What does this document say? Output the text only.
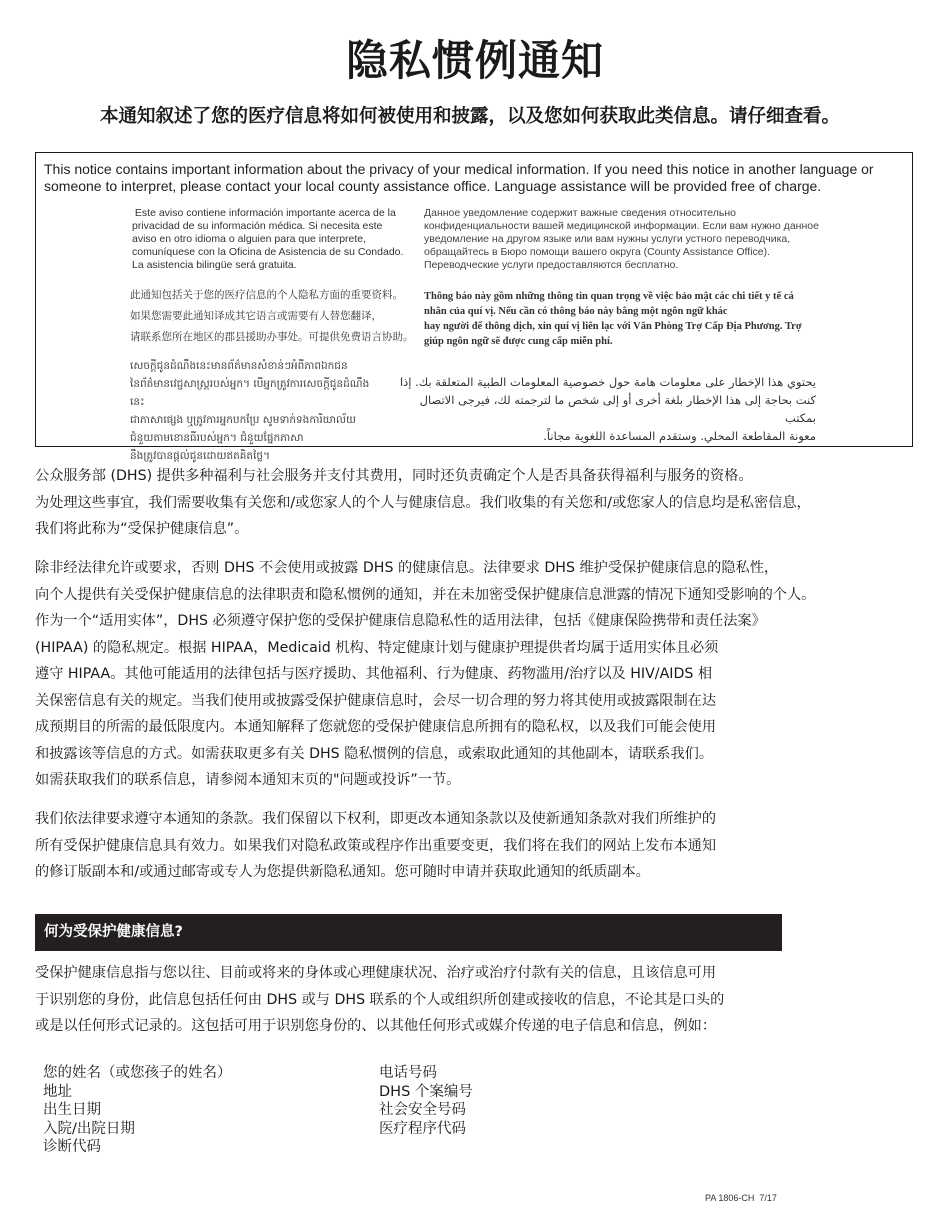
隐私惯例通知
本通知叙述了您的医疗信息将如何被使用和披露，以及您如何获取此类信息。请仔细查看。
This notice contains important information about the privacy of your medical information. If you need this notice in another language or someone to interpret, please contact your local county assistance office. Language assistance will be provided free of charge.
Este aviso contiene información importante acerca de la
privacidad de su información médica. Si necesita este
aviso en otro idioma o alguien para que interprete,
comuníquese con la Oficina de Asistencia de su Condado.
La asistencia bilingüe será gratuita.
Данное уведомление содержит важные сведения относительно
конфиденциальности вашей медицинской информации. Если вам нужно данное
уведомление на другом языке или вам нужны услуги устного переводчика,
обращайтесь в Бюро помощи вашего округа (County Assistance Office).
Переводческие услуги предоставляются бесплатно.
此通知包括关于您的医疗信息的个人隐私方面的重要资料。
如果您需要此通知译成其它语言或需要有人替您翻译，
请联系您所在地区的郡县援助办事处。可提供免费语言协助。
Thông báo này gồm những thông tin quan trọng về việc bảo mật các chi tiết y tế cá
nhân của quí vị. Nếu cần có thông báo này bằng một ngôn ngữ khác
hay người để thông dịch, xin quí vị liên lạc với Văn Phòng Trợ Cấp Địa Phương. Trợ
giúp ngôn ngữ sẽ được cung cấp miễn phí.
សេចក្តីជូនដំណឹងនេះមានព័ត៌មានសំខាន់ៗអំពីភាពឯកជន
នៃព័ត៌មានវេជ្ជសាស្ត្ររបស់អ្នក។ បើអ្នកត្រូវការសេចក្តីជូនដំណឹងនេះ
ជាភាសាផ្សេង ឬត្រូវការអ្នកបកប្រែ សូមទាក់ទងការិយាល័យ
ជំនួយតាមខោនធីរបស់អ្នក។ ជំនួយផ្នែកភាសា
នឹងត្រូវបានផ្តល់ជូនដោយឥតគិតថ្លៃ។
يحتوي هذا الإخطار على معلومات هامة حول خصوصية المعلومات الطبية المتعلقة بك. إذا
كنت بحاجة إلى هذا الإخطار بلغة أخرى أو إلى شخص ما لترجمته لك، فيرجى الاتصال بمكتب
معونة المقاطعة المحلي. وستقدم المساعدة اللغوية مجاناً.
公众服务部 (DHS) 提供多种福利与社会服务并支付其费用，同时还负责确定个人是否具备获得福利与服务的资格。
为处理这些事宜，我们需要收集有关您和/或您家人的个人与健康信息。我们收集的有关您和/或您家人的信息均是私密信息，
我们将此称为“受保护健康信息”。
除非经法律允许或要求，否则 DHS 不会使用或披露 DHS 的健康信息。法律要求 DHS 维护受保护健康信息的隐私性，
向个人提供有关受保护健康信息的法律职责和隐私惯例的通知，并在未加密受保护健康信息泄露的情况下通知受影响的个人。
作为一个“适用实体”，DHS 必须遵守保护您的受保护健康信息隐私性的适用法律，包括《健康保险携带和责任法案》
(HIPAA) 的隐私规定。根据 HIPAA，Medicaid 机构、特定健康计划与健康护理提供者均属于适用实体且必须
遵守 HIPAA。其他可能适用的法律包括与医疗援助、其他福利、行为健康、药物滥用/治疗以及 HIV/AIDS 相
关保密信息有关的规定。当我们使用或披露受保护健康信息时，会尽一切合理的努力将其使用或披露限制在达
成预期目的所需的最低限度内。本通知解释了您就您的受保护健康信息所拥有的隐私权，以及我们可能会使用
和披露该等信息的方式。如需获取更多有关 DHS 隐私惯例的信息，或索取此通知的其他副本，请联系我们。
如需获取我们的联系信息，请参阅本通知末页的"问题或投诉”一节。
我们依法律要求遵守本通知的条款。我们保留以下权利，即更改本通知条款以及使新通知条款对我们所维护的
所有受保护健康信息具有效力。如果我们对隐私政策或程序作出重要变更，我们将在我们的网站上发布本通知
的修订版副本和/或通过邮寄或专人为您提供新隐私通知。您可随时申请并获取此通知的纸质副本。
何为受保护健康信息?
受保护健康信息指与您以往、目前或将来的身体或心理健康状况、治疗或治疗付款有关的信息，且该信息可用
于识别您的身份，此信息包括任何由 DHS 或与 DHS 联系的个人或组织所创建或接收的信息，不论其是口头的
或是以任何形式记录的。这包括可用于识别您身份的、以其他任何形式或媒介传递的电子信息和信息，例如：
您的姓名（或您孩子的姓名）
地址
出生日期
入院/出院日期
诊断代码
电话号码
DHS 个案编号
社会安全号码
医疗程序代码
PA 1806-CH  7/17
